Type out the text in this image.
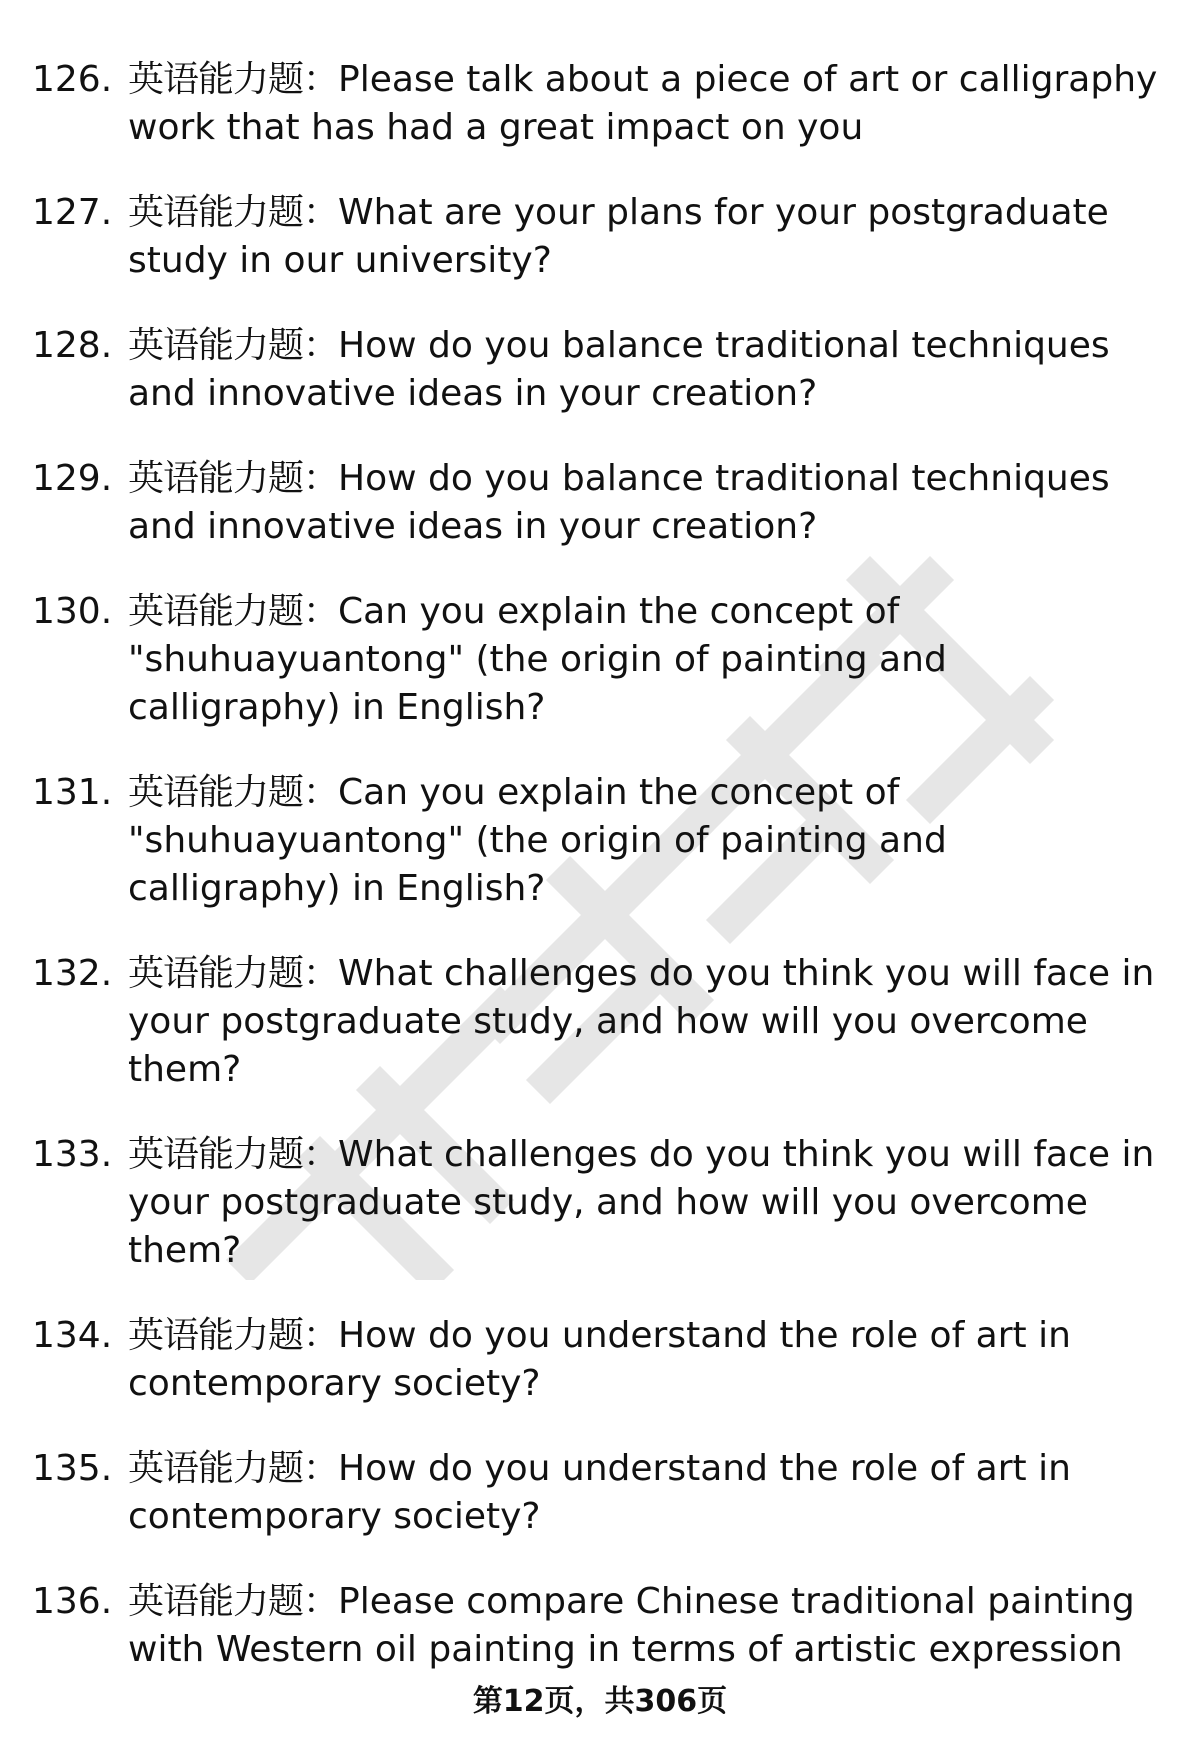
126. 英语能力题：Please talk about a piece of art or calligraphy work that has had a great impact on you
127. 英语能力题：What are your plans for your postgraduate study in our university?
128. 英语能力题：How do you balance traditional techniques and innovative ideas in your creation?
129. 英语能力题：How do you balance traditional techniques and innovative ideas in your creation?
130. 英语能力题：Can you explain the concept of "shuhuayuantong" (the origin of painting and calligraphy) in English?
131. 英语能力题：Can you explain the concept of "shuhuayuantong" (the origin of painting and calligraphy) in English?
132. 英语能力题：What challenges do you think you will face in your postgraduate study, and how will you overcome them?
133. 英语能力题：What challenges do you think you will face in your postgraduate study, and how will you overcome them?
134. 英语能力题：How do you understand the role of art in contemporary society?
135. 英语能力题：How do you understand the role of art in contemporary society?
136. 英语能力题：Please compare Chinese traditional painting with Western oil painting in terms of artistic expression
第12页，共306页
